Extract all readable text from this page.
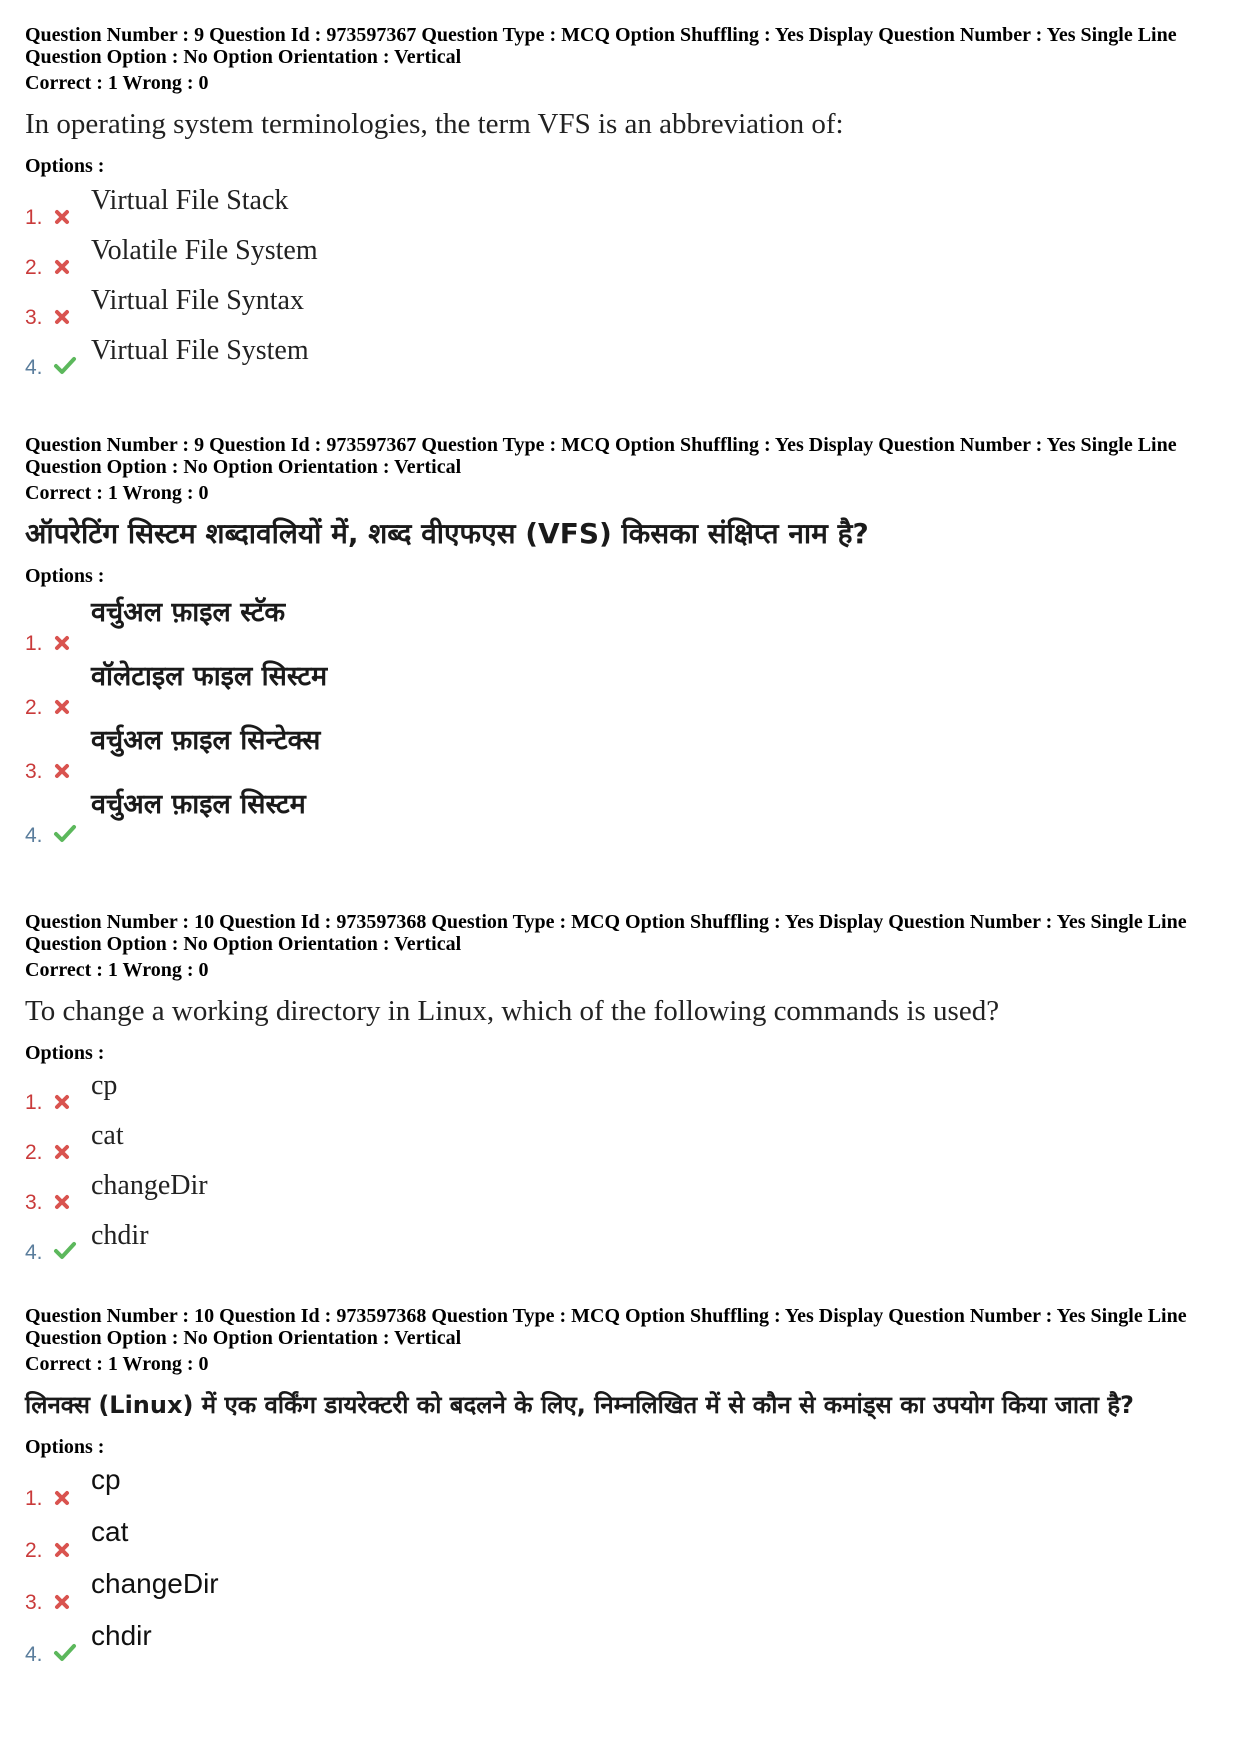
Question Number : 9 Question Id : 973597367 Question Type : MCQ Option Shuffling : Yes Display Question Number : Yes Single Line Question Option : No Option Orientation : Vertical
Correct : 1 Wrong : 0
In operating system terminologies, the term VFS is an abbreviation of:
Options :
1.
Virtual File Stack
2.
Volatile File System
3.
Virtual File Syntax
4.
Virtual File System
Question Number : 9 Question Id : 973597367 Question Type : MCQ Option Shuffling : Yes Display Question Number : Yes Single Line Question Option : No Option Orientation : Vertical
Correct : 1 Wrong : 0
ऑपरेटिंग सिस्टम शब्दावलियों में, शब्द वीएफएस (VFS) किसका संक्षिप्त नाम है?
Options :
1.
वर्चुअल फ़ाइल स्टॅक
2.
वॉलेटाइल फाइल सिस्टम
3.
वर्चुअल फ़ाइल सिन्टेक्स
4.
वर्चुअल फ़ाइल सिस्टम
Question Number : 10 Question Id : 973597368 Question Type : MCQ Option Shuffling : Yes Display Question Number : Yes Single Line Question Option : No Option Orientation : Vertical
Correct : 1 Wrong : 0
To change a working directory in Linux, which of the following commands is used?
Options :
1.
cp
2.
cat
3.
changeDir
4.
chdir
Question Number : 10 Question Id : 973597368 Question Type : MCQ Option Shuffling : Yes Display Question Number : Yes Single Line Question Option : No Option Orientation : Vertical
Correct : 1 Wrong : 0
लिनक्स (Linux) में एक वर्किंग डायरेक्टरी को बदलने के लिए, निम्नलिखित में से कौन से कमांड्स का उपयोग किया जाता है?
Options :
1.
cp
2.
cat
3.
changeDir
4.
chdir
